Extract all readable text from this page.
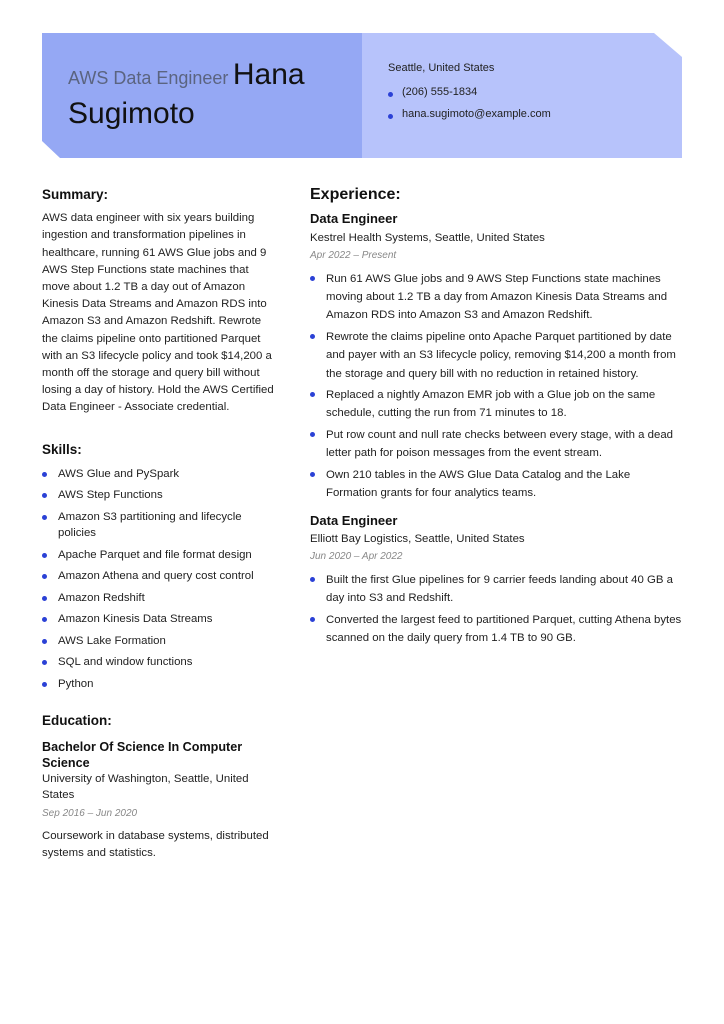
AWS Data Engineer Hana Sugimoto
Seattle, United States
(206) 555-1834
hana.sugimoto@example.com
Summary:

AWS data engineer with six years building ingestion and transformation pipelines in healthcare, running 61 AWS Glue jobs and 9 AWS Step Functions state machines that move about 1.2 TB a day out of Amazon Kinesis Data Streams and Amazon RDS into Amazon S3 and Amazon Redshift. Rewrote the claims pipeline onto partitioned Parquet with an S3 lifecycle policy and took $14,200 a month off the storage and query bill without losing a day of history. Hold the AWS Certified Data Engineer - Associate credential.

Skills:
AWS Glue and PySpark
AWS Step Functions
Amazon S3 partitioning and lifecycle policies
Apache Parquet and file format design
Amazon Athena and query cost control
Amazon Redshift
Amazon Kinesis Data Streams
AWS Lake Formation
SQL and window functions
Python
Education:
Bachelor Of Science In Computer Science
University of Washington, Seattle, United States
Sep 2016 – Jun 2020

Coursework in database systems, distributed systems and statistics.

Experience:
Data Engineer
Kestrel Health Systems, Seattle, United States
Apr 2022 – Present
Run 61 AWS Glue jobs and 9 AWS Step Functions state machines moving about 1.2 TB a day from Amazon Kinesis Data Streams and Amazon RDS into Amazon S3 and Amazon Redshift.
Rewrote the claims pipeline onto Apache Parquet partitioned by date and payer with an S3 lifecycle policy, removing $14,200 a month from the storage and query bill with no reduction in retained history.
Replaced a nightly Amazon EMR job with a Glue job on the same schedule, cutting the run from 71 minutes to 18.
Put row count and null rate checks between every stage, with a dead letter path for poison messages from the event stream.
Own 210 tables in the AWS Glue Data Catalog and the Lake Formation grants for four analytics teams.
Data Engineer
Elliott Bay Logistics, Seattle, United States
Jun 2020 – Apr 2022
Built the first Glue pipelines for 9 carrier feeds landing about 40 GB a day into S3 and Redshift.
Converted the largest feed to partitioned Parquet, cutting Athena bytes scanned on the daily query from 1.4 TB to 90 GB.
